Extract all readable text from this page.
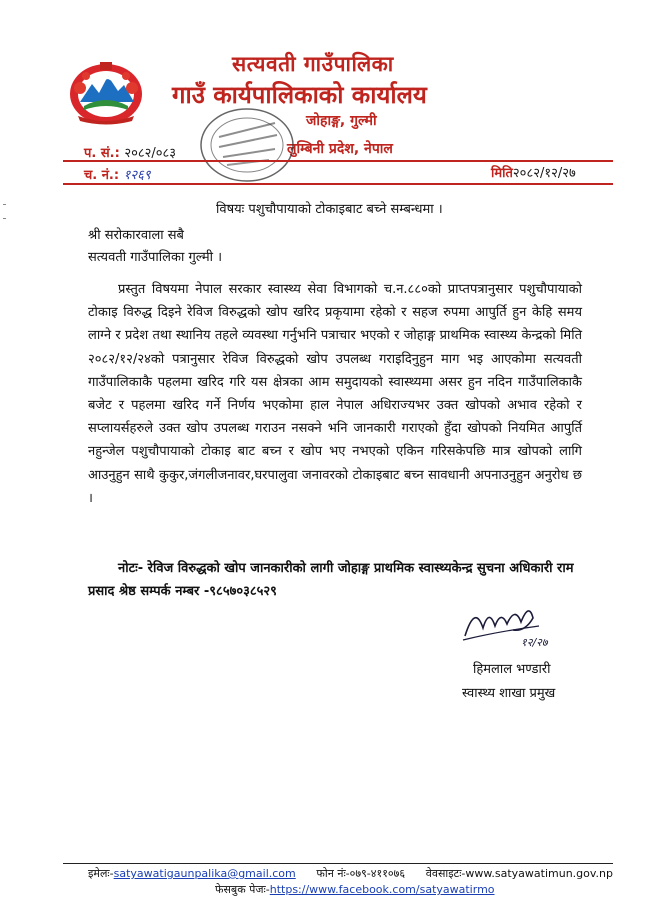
सत्यवती गाउँपालिका
गाउँ कार्यपालिकाको कार्यालय
जोहाङ्ग, गुल्मी
लुम्बिनी प्रदेश, नेपाल
प. सं.: २०८२/०८३
च. नं.: १२६९	मिति२०८२/१२/२७
विषयः पशुचौपायाको टोकाइबाट बच्ने सम्बन्धमा ।
श्री सरोकारवाला सबै
सत्यवती गाउँपालिका गुल्मी ।

प्रस्तुत विषयमा नेपाल सरकार स्वास्थ्य सेवा विभागको च.न.८८०को प्राप्तपत्रानुसार पशुचौपायाको टोकाइ विरुद्ध दिइने रेविज विरुद्धको खोप खरिद प्रकृयामा रहेको र सहज रुपमा आपुर्ति हुन केहि समय लाग्ने र प्रदेश तथा स्थानिय तहले व्यवस्था गर्नुभनि पत्राचार भएको र जोहाङ्ग प्राथमिक स्वास्थ्य केन्द्रको मिति २०८२/१२/२४को पत्रानुसार रेविज विरुद्धको खोप उपलब्ध गराइदिनुहुन माग भइ आएकोमा सत्यवती गाउँपालिकाकै पहलमा खरिद गरि यस क्षेत्रका आम समुदायको स्वास्थ्यमा असर हुन नदिन गाउँपालिकाकै बजेट र पहलमा खरिद गर्ने निर्णय भएकोमा हाल नेपाल अधिराज्यभर उक्त खोपको अभाव रहेको र सप्लायर्सहरुले उक्त खोप उपलब्ध गराउन नसक्ने भनि जानकारी गराएको हुँदा खोपको नियमित आपुर्ति नहुन्जेल पशुचौपायाको टोकाइ बाट बच्न र खोप भए नभएको एकिन गरिसकेपछि मात्र खोपको लागि आउनुहुन साथै कुकुर,जंगलीजनावर,घरपालुवा जनावरको टोकाइबाट बच्न सावधानी अपनाउनुहुन अनुरोध छ ।

नोटः- रेविज विरुद्धको खोप जानकारीको लागी जोहाङ्ग प्राथमिक स्वास्थ्यकेन्द्र सुचना अधिकारी राम प्रसाद श्रेष्ठ सम्पर्क नम्बर -९८५७०३८५२९

१२/२७
हिमलाल भण्डारी
स्वास्थ्य शाखा प्रमुख
इमेलः-satyawatigaunpalika@gmail.com फोन नंः-०७९-४११०७६ वेवसाइटः-www.satyawatimun.gov.np
फेसबुक पेजः-https://www.facebook.com/satyawatirmo
